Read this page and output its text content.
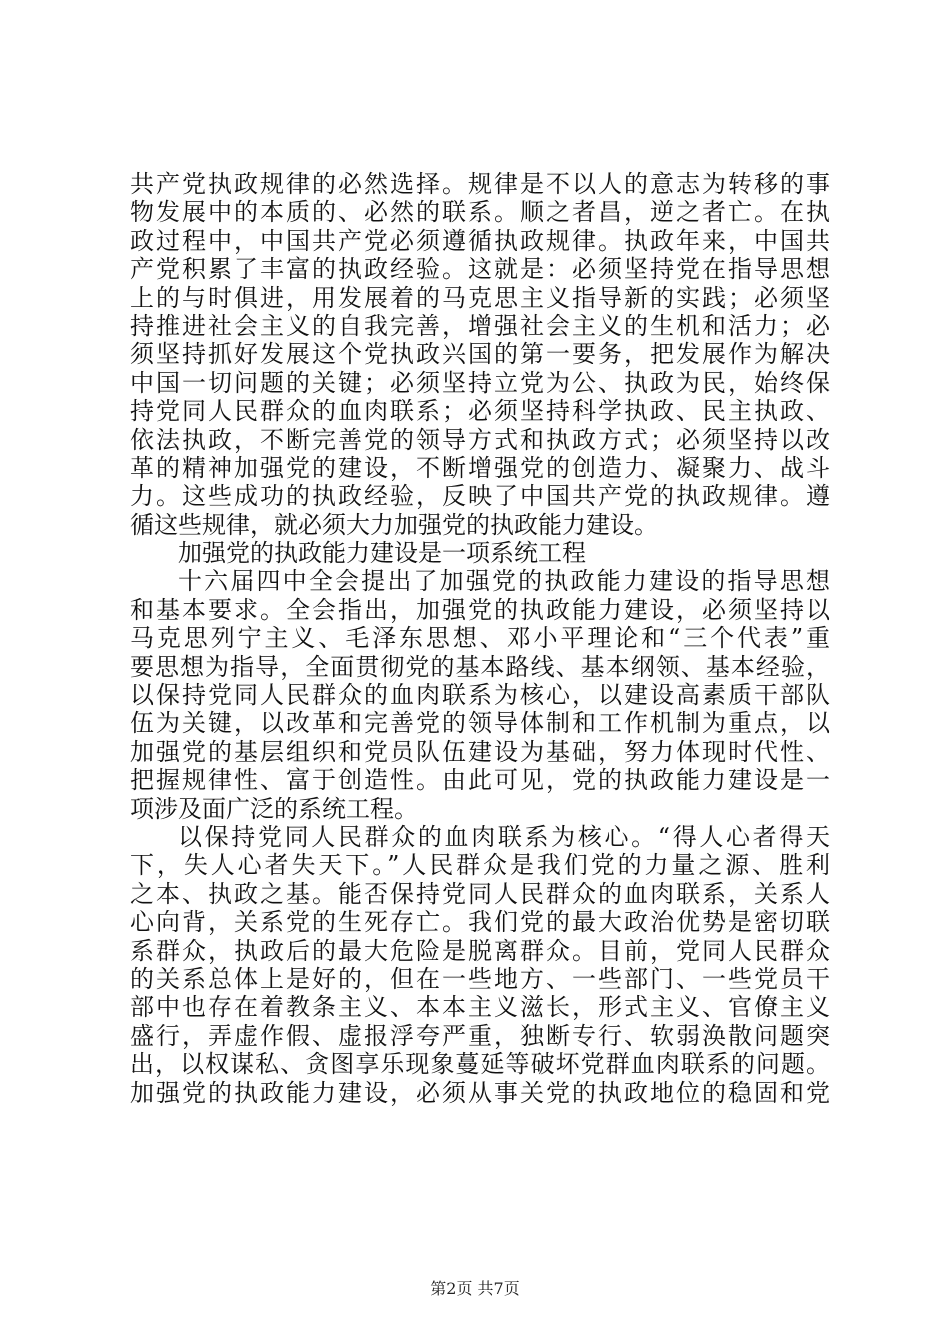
共产党执政规律的必然选择。规律是不以人的意志为转移的事
物发展中的本质的、必然的联系。顺之者昌，逆之者亡。在执
政过程中，中国共产党必须遵循执政规律。执政年来，中国共
产党积累了丰富的执政经验。这就是：必须坚持党在指导思想
上的与时俱进，用发展着的马克思主义指导新的实践；必须坚
持推进社会主义的自我完善，增强社会主义的生机和活力；必
须坚持抓好发展这个党执政兴国的第一要务，把发展作为解决
中国一切问题的关键；必须坚持立党为公、执政为民，始终保
持党同人民群众的血肉联系；必须坚持科学执政、民主执政、
依法执政，不断完善党的领导方式和执政方式；必须坚持以改
革的精神加强党的建设，不断增强党的创造力、凝聚力、战斗
力。这些成功的执政经验，反映了中国共产党的执政规律。遵
循这些规律，就必须大力加强党的执政能力建设。
加强党的执政能力建设是一项系统工程
十六届四中全会提出了加强党的执政能力建设的指导思想
和基本要求。全会指出，加强党的执政能力建设，必须坚持以
马克思列宁主义、毛泽东思想、邓小平理论和“三个代表”重
要思想为指导，全面贯彻党的基本路线、基本纲领、基本经验，
以保持党同人民群众的血肉联系为核心，以建设高素质干部队
伍为关键，以改革和完善党的领导体制和工作机制为重点，以
加强党的基层组织和党员队伍建设为基础，努力体现时代性、
把握规律性、富于创造性。由此可见，党的执政能力建设是一
项涉及面广泛的系统工程。
以保持党同人民群众的血肉联系为核心。“得人心者得天
下，失人心者失天下。”人民群众是我们党的力量之源、胜利
之本、执政之基。能否保持党同人民群众的血肉联系，关系人
心向背，关系党的生死存亡。我们党的最大政治优势是密切联
系群众，执政后的最大危险是脱离群众。目前，党同人民群众
的关系总体上是好的，但在一些地方、一些部门、一些党员干
部中也存在着教条主义、本本主义滋长，形式主义、官僚主义
盛行，弄虚作假、虚报浮夸严重，独断专行、软弱涣散问题突
出，以权谋私、贪图享乐现象蔓延等破坏党群血肉联系的问题。
加强党的执政能力建设，必须从事关党的执政地位的稳固和党
第2页 共7页
